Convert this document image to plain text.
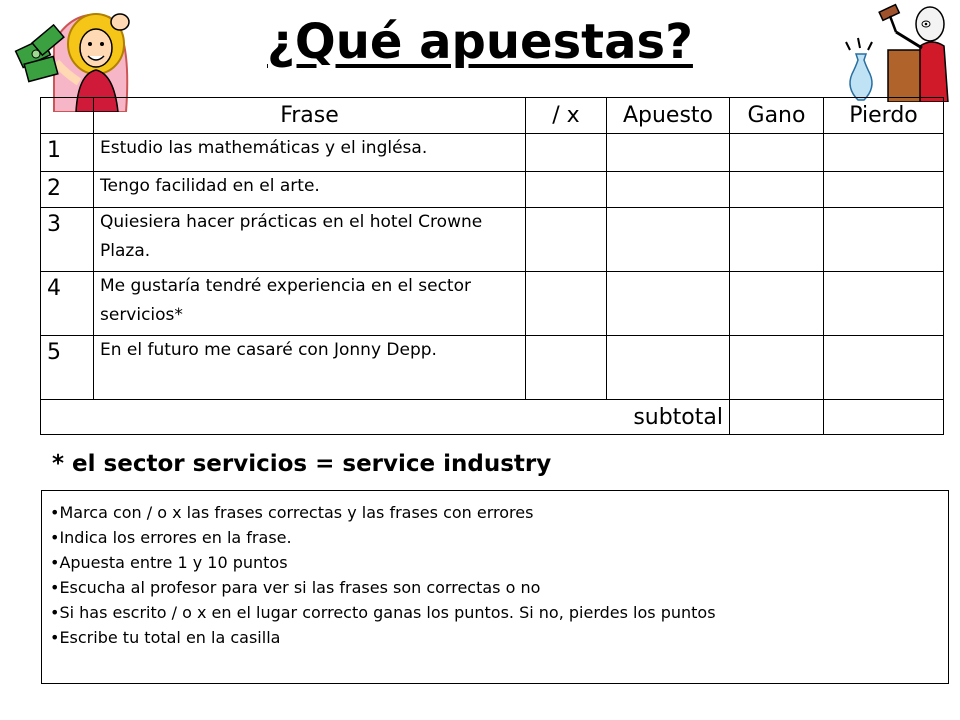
¿Qué apuestas?
	Frase	/ x	Apuesto	Gano	Pierdo
1	Estudio las mathemáticas y el inglésa.				
2	Tengo facilidad en el arte.				
3	Quiesiera hacer prácticas en el hotel Crowne Plaza.				
4	Me gustaría tendré experiencia en el sector servicios*				
5	En el futuro me casaré con Jonny Depp.				
subtotal					
* el sector servicios = service industry
•Marca con / o x las frases correctas y las frases con errores
•Indica los errores en la frase.
•Apuesta entre 1 y 10 puntos
•Escucha al profesor para ver si las frases son correctas o no
•Si has escrito / o x en el lugar correcto ganas los puntos. Si no, pierdes los puntos
•Escribe tu total en la casilla
